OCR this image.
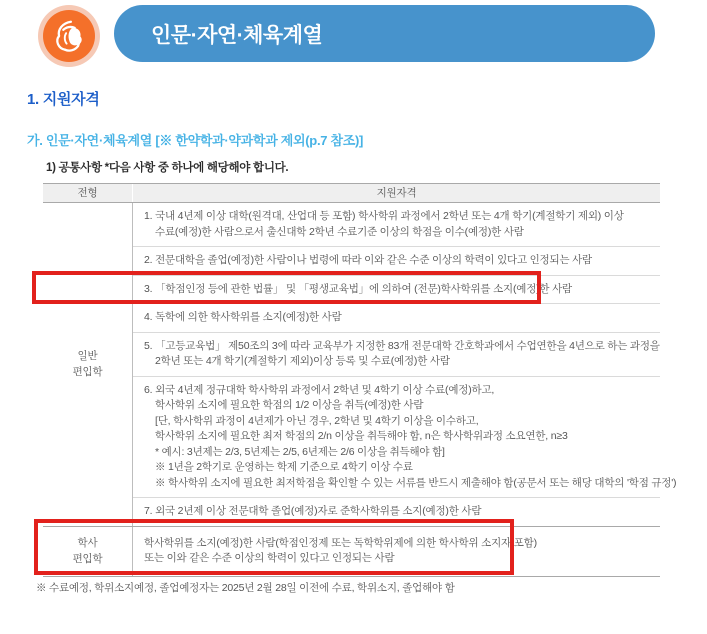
인문·자연·체육계열
1. 지원자격
가. 인문·자연·체육계열 [※ 한약학과·약과학과 제외(p.7 참조)]
1) 공통사항 *다음 사항 중 하나에 해당해야 합니다.
전형	지원자격
일반
편입학
1. 국내 4년제 이상 대학(원격대, 산업대 등 포함) 학사학위 과정에서 2학년 또는 4개 학기(계절학기 제외) 이상
수료(예정)한 사람으로서 출신대학 2학년 수료기준 이상의 학점을 이수(예정)한 사람
2. 전문대학을 졸업(예정)한 사람이나 법령에 따라 이와 같은 수준 이상의 학력이 있다고 인정되는 사람
3. 「학점인정 등에 관한 법률」 및 「평생교육법」에 의하여 (전문)학사학위를 소지(예정)한 사람
4. 독학에 의한 학사학위를 소지(예정)한 사람
5. 「고등교육법」 제50조의 3에 따라 교육부가 지정한 83개 전문대학 간호학과에서 수업연한을 4년으로 하는 과정을
2학년 또는 4개 학기(계절학기 제외)이상 등록 및 수료(예정)한 사람
6. 외국 4년제 정규대학 학사학위 과정에서 2학년 및 4학기 이상 수료(예정)하고,
학사학위 소지에 필요한 학점의 1/2 이상을 취득(예정)한 사람
[단, 학사학위 과정이 4년제가 아닌 경우, 2학년 및 4학기 이상을 이수하고,
학사학위 소지에 필요한 최저 학점의 2/n 이상을 취득해야 함, n은 학사학위과정 소요연한, n≥3
* 예시: 3년제는 2/3, 5년제는 2/5, 6년제는 2/6 이상을 취득해야 함]
※ 1년을 2학기로 운영하는 학제 기준으로 4학기 이상 수료
※ 학사학위 소지에 필요한 최저학점을 확인할 수 있는 서류를 반드시 제출해야 함(공문서 또는 해당 대학의 '학점 규정')
7. 외국 2년제 이상 전문대학 졸업(예정)자로 준학사학위를 소지(예정)한 사람
학사
편입학
학사학위를 소지(예정)한 사람(학점인정제 또는 독학학위제에 의한 학사학위 소지자 포함)
또는 이와 같은 수준 이상의 학력이 있다고 인정되는 사람
※ 수료예정, 학위소지예정, 졸업예정자는 2025년 2월 28일 이전에 수료, 학위소지, 졸업해야 함
